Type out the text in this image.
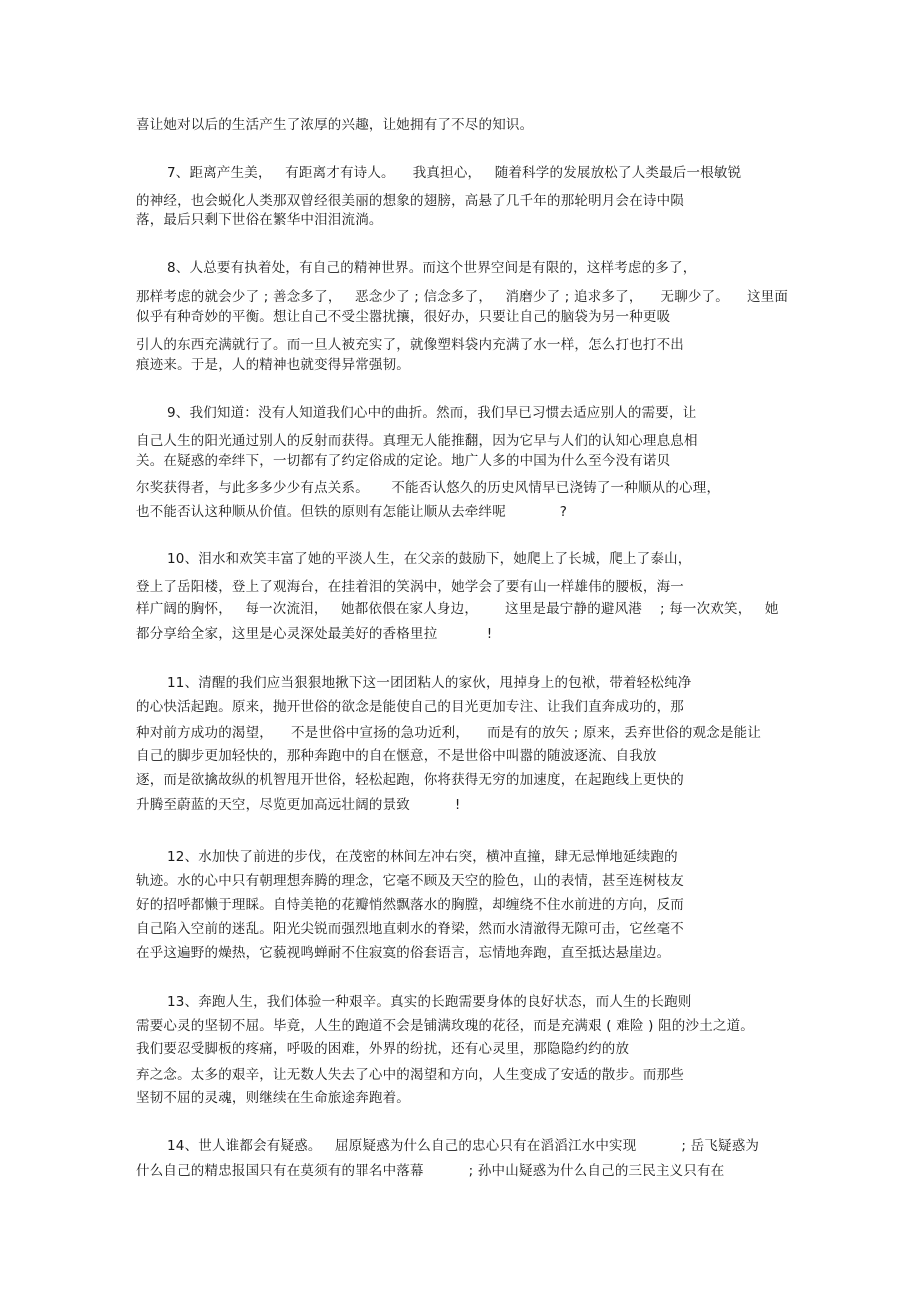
喜让她对以后的生活产生了浓厚的兴趣，让她拥有了不尽的知识。
7、距离产生美，   有距离才有诗人。    我真担心，   随着科学的发展放松了人类最后一根敏锐
的神经，也会蜕化人类那双曾经很美丽的想象的翅膀，高悬了几千年的那轮明月会在诗中陨
落，最后只剩下世俗在繁华中泪泪流淌。
8、人总要有执着处，有自己的精神世界。而这个世界空间是有限的，这样考虑的多了，
那样考虑的就会少了 ; 善念多了，   恶念少了 ; 信念多了，   消磨少了 ; 追求多了，    无聊少了。    这里面
似乎有种奇妙的平衡。想让自己不受尘嚣扰攘，很好办，只要让自己的脑袋为另一种更吸
引人的东西充满就行了。而一旦人被充实了，就像塑料袋内充满了水一样，怎么打也打不出
痕迹来。于是，人的精神也就变得异常强韧。
9、我们知道：没有人知道我们心中的曲折。然而，我们早已习惯去适应别人的需要，让
自己人生的阳光通过别人的反射而获得。真理无人能推翻，因为它早与人们的认知心理息息相
关。在疑惑的牵绊下，一切都有了约定俗成的定论。地广人多的中国为什么至今没有诺贝
尔奖获得者，与此多多少少有点关系。     不能否认悠久的历史风情早已浇铸了一种顺从的心理，
也不能否认这种顺从价值。但铁的原则有怎能让顺从去牵绊呢            ?
10、泪水和欢笑丰富了她的平淡人生，在父亲的鼓励下，她爬上了长城，爬上了泰山，
登上了岳阳楼，登上了观海台，在挂着泪的笑涡中，她学会了要有山一样雄伟的腰板，海一
样广阔的胸怀，   每一次流泪，   她都依偎在家人身边，      这里是最宁静的避风港    ; 每一次欢笑，   她
都分享给全家，这里是心灵深处最美好的香格里拉           !
11、清醒的我们应当狠狠地揪下这一团团粘人的家伙，甩掉身上的包袱，带着轻松纯净
的心快活起跑。原来，抛开世俗的欲念是能使自己的目光更加专注、让我们直奔成功的，那
种对前方成功的渴望，    不是世俗中宣扬的急功近利，    而是有的放矢 ; 原来，丢弃世俗的观念是能让
自己的脚步更加轻快的，那种奔跑中的自在惬意，不是世俗中叫嚣的随波逐流、自我放
逐，而是欲擒故纵的机智甩开世俗，轻松起跑，你将获得无穷的加速度，在起跑线上更快的
升腾至蔚蓝的天空，尽览更加高远壮阔的景致          !
12、水加快了前进的步伐，在茂密的林间左冲右突，横冲直撞，肆无忌惮地延续跑的
轨迹。水的心中只有朝理想奔腾的理念，它毫不顾及天空的脸色，山的表情，甚至连树枝友
好的招呼都懒于理睬。自恃美艳的花瓣悄然飘落水的胸膛，却缠绕不住水前进的方向，反而
自己陷入空前的迷乱。阳光尖锐而强烈地直刺水的脊梁，然而水清澈得无隙可击，它丝毫不
在乎这遍野的燥热，它藐视鸣蝉耐不住寂寞的俗套语言，忘情地奔跑，直至抵达悬崖边。
13、奔跑人生，我们体验一种艰辛。真实的长跑需要身体的良好状态，而人生的长跑则
需要心灵的坚韧不屈。毕竟，人生的跑道不会是铺满玫瑰的花径，而是充满艰 ( 难险 ) 阻的沙土之道。
我们要忍受脚板的疼痛，呼吸的困难，外界的纷扰，还有心灵里，那隐隐约约的放
弃之念。太多的艰辛，让无数人失去了心中的渴望和方向，人生变成了安适的散步。而那些
坚韧不屈的灵魂，则继续在生命旅途奔跑着。
14、世人谁都会有疑惑。   屈原疑惑为什么自己的忠心只有在滔滔江水中实现          ; 岳飞疑惑为
什么自己的精忠报国只有在莫须有的罪名中落幕          ; 孙中山疑惑为什么自己的三民主义只有在
